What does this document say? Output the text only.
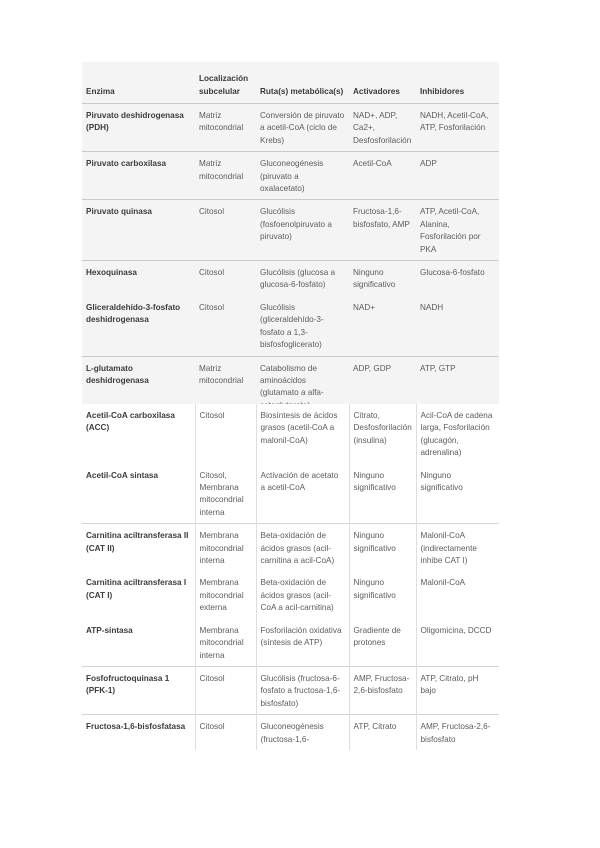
Enzima	Localización subcelular	Ruta(s) metabólica(s)	Activadores	Inhibidores
Piruvato deshidrogenasa (PDH)	Matriz mitocondrial	Conversión de piruvato a acetil-CoA (ciclo de Krebs)	NAD+, ADP, Ca2+, Desfosforilación	NADH, Acetil-CoA, ATP, Fosforilación
Piruvato carboxilasa	Matriz mitocondrial	Gluconeogénesis (piruvato a oxalacetato)	Acetil-CoA	ADP
Piruvato quinasa	Citosol	Glucólisis (fosfoenolpiruvato a piruvato)	Fructosa-1,6-bisfosfato, AMP	ATP, Acetil-CoA, Alanina, Fosforilación por PKA
Hexoquinasa	Citosol	Glucólisis (glucosa a glucosa-6-fosfato)	Ninguno significativo	Glucosa-6-fosfato
Gliceraldehído-3-fosfato deshidrogenasa	Citosol	Glucólisis (gliceraldehído-3-fosfato a 1,3-bisfosfoglicerato)	NAD+	NADH
L-glutamato deshidrogenasa	Matriz mitocondrial	Catabolismo de aminoácidos (glutamato a alfa-	ADP, GDP	ATP, GTP
Acetil-CoA carboxilasa (ACC)	Citosol	Biosíntesis de ácidos grasos (acetil-CoA a malonil-CoA)	Citrato, Desfosforilación (insulina)	Acil-CoA de cadena larga, Fosforilación (glucagón, adrenalina)
Acetil-CoA sintasa	Citosol, Membrana mitocondrial interna	Activación de acetato a acetil-CoA	Ninguno significativo	Ninguno significativo
Carnitina aciltransferasa II (CAT II)	Membrana mitocondrial interna	Beta-oxidación de ácidos grasos (acil-carnitina a acil-CoA)	Ninguno significativo	Malonil-CoA (indirectamente inhibe CAT I)
Carnitina aciltransferasa I (CAT I)	Membrana mitocondrial externa	Beta-oxidación de ácidos grasos (acil-CoA a acil-carnitina)	Ninguno significativo	Malonil-CoA
ATP-sintasa	Membrana mitocondrial interna	Fosforilación oxidativa (síntesis de ATP)	Gradiente de protones	Oligomicina, DCCD
Fosfofructoquinasa 1 (PFK-1)	Citosol	Glucólisis (fructosa-6-fosfato a fructosa-1,6-bisfosfato)	AMP, Fructosa-2,6-bisfosfato	ATP, Citrato, pH bajo
Fructosa-1,6-bisfosfatasa	Citosol	Gluconeogénesis (fructosa-1,6-	ATP, Citrato	AMP, Fructosa-2,6-bisfosfato
